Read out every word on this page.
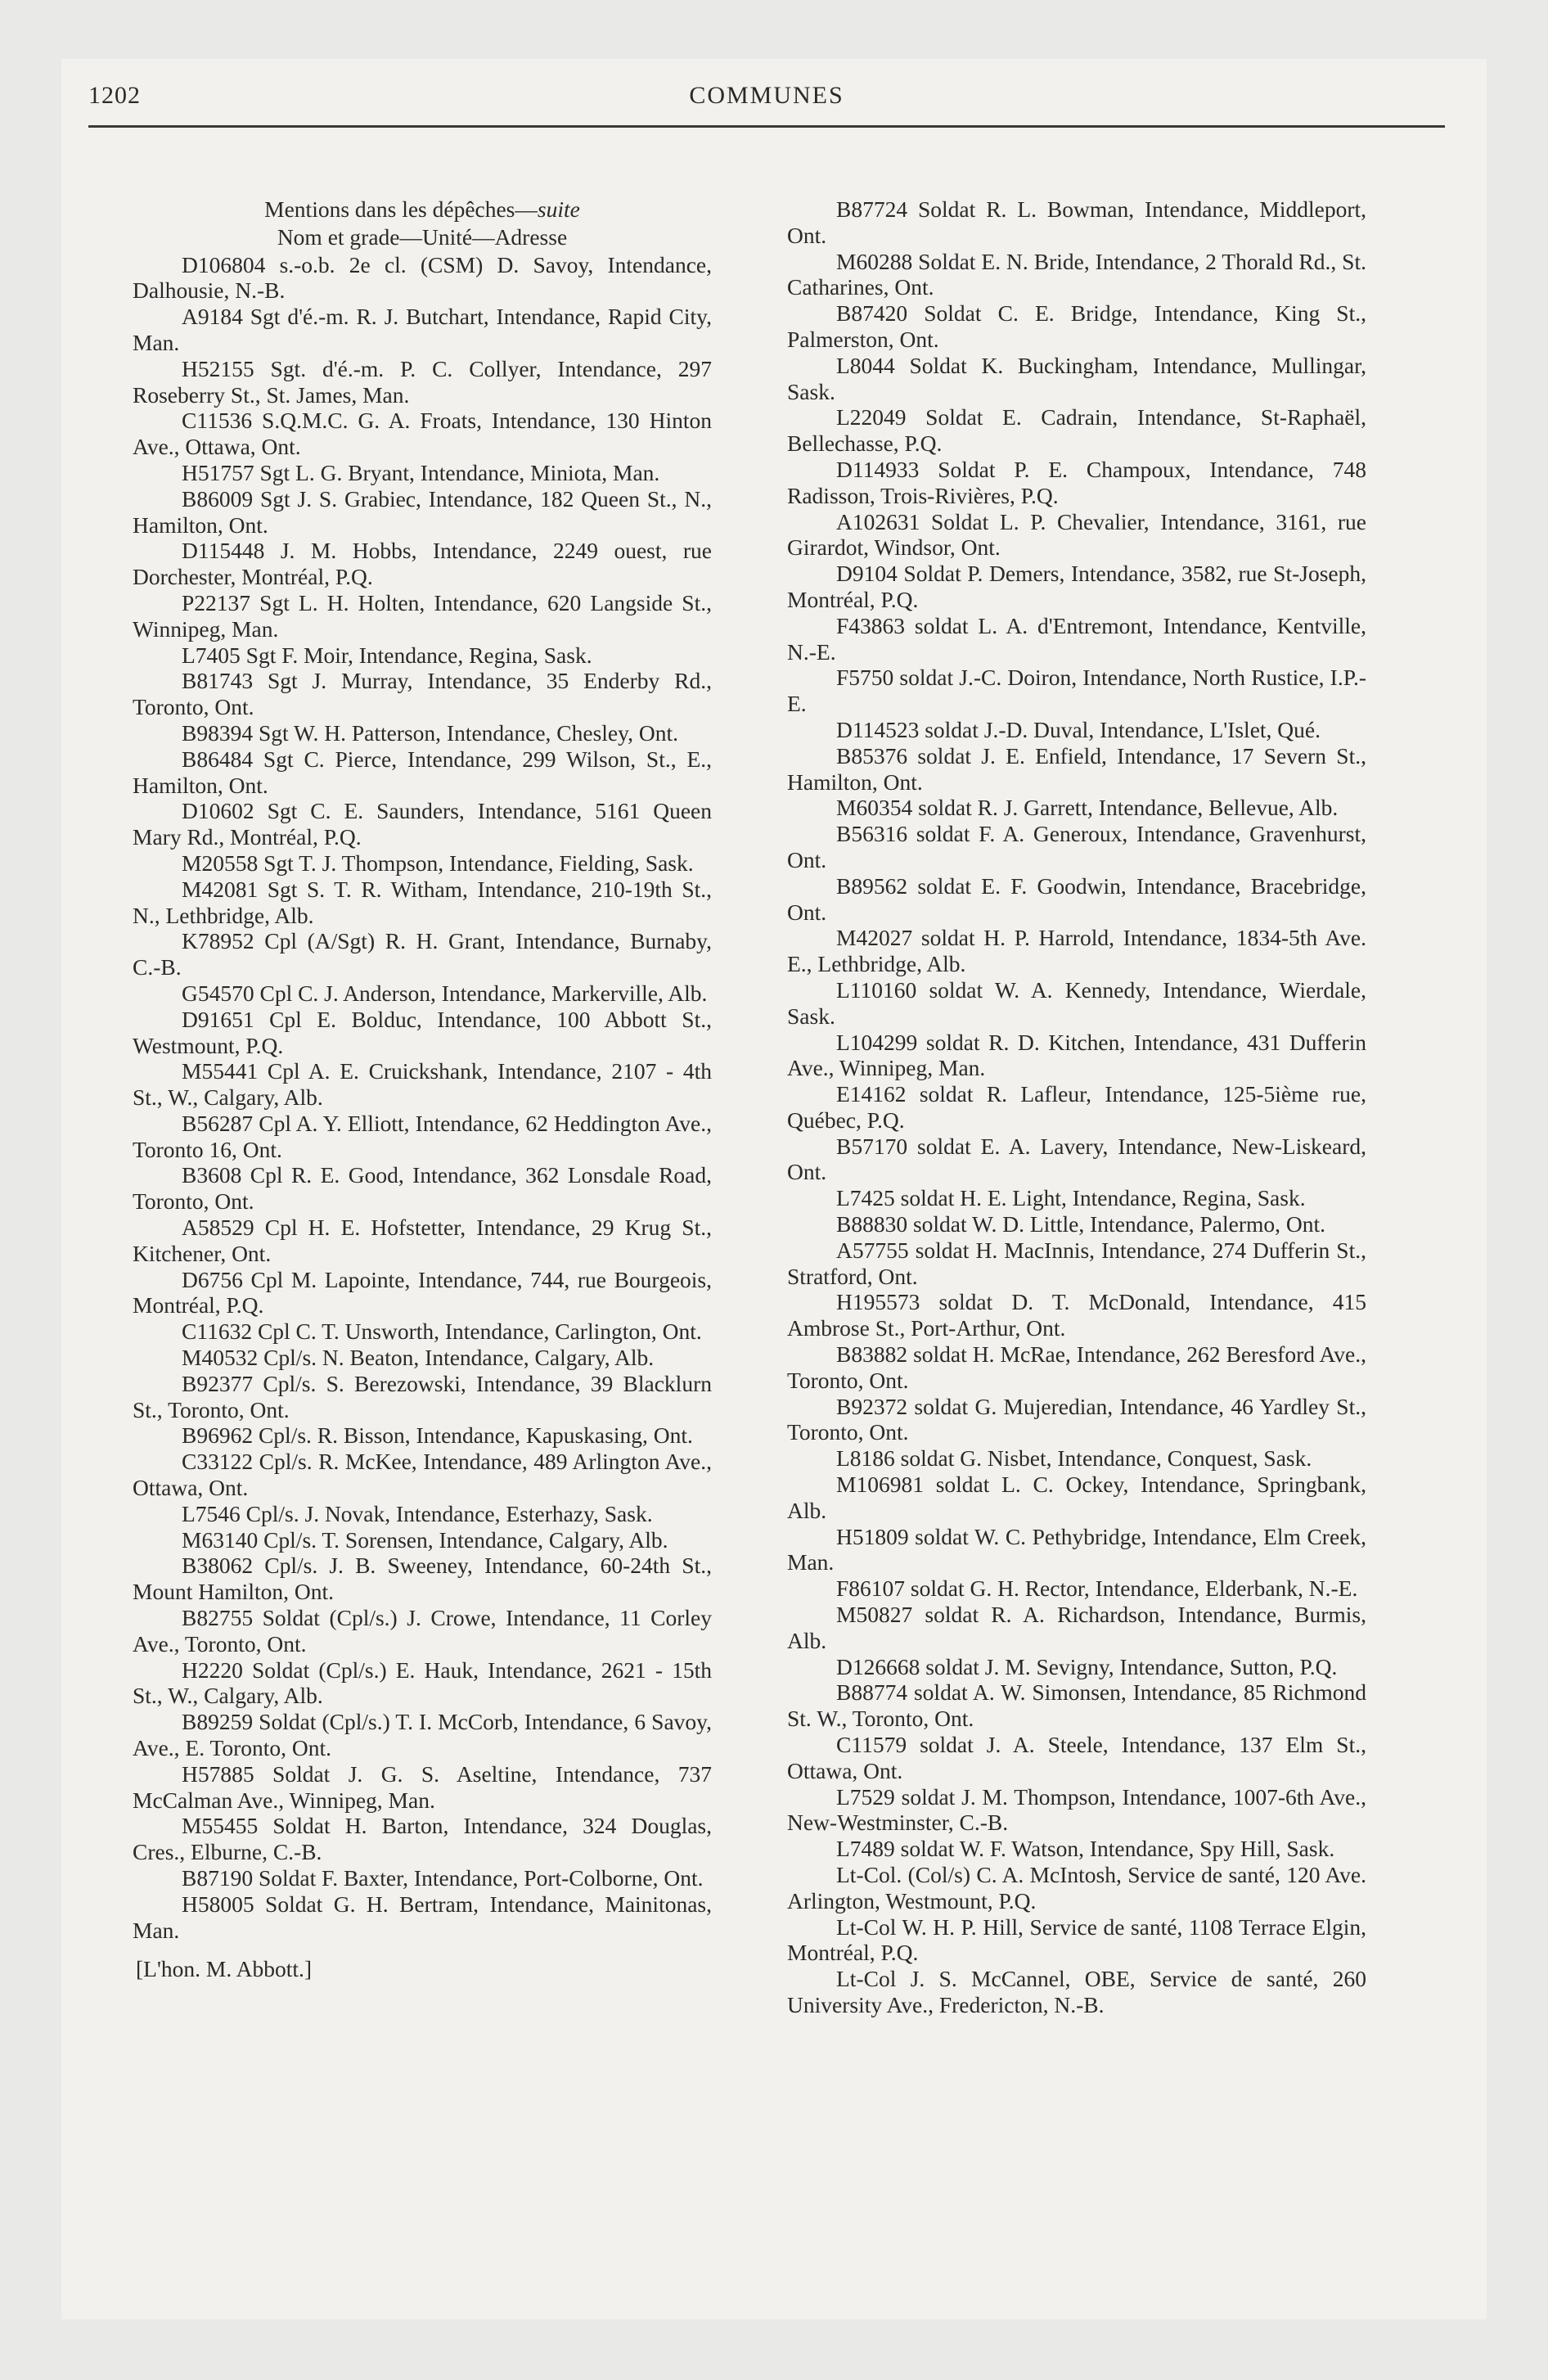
1202	COMMUNES

Mentions dans les dépêches—suite

Nom et grade—Unité—Adresse

D106804 s.-o.b. 2e cl. (CSM) D. Savoy, Intendance, Dalhousie, N.-B.

A9184 Sgt d'é.-m. R. J. Butchart, Intendance, Rapid City, Man.

H52155 Sgt. d'é.-m. P. C. Collyer, Intendance, 297 Roseberry St., St. James, Man.

C11536 S.Q.M.C. G. A. Froats, Intendance, 130 Hinton Ave., Ottawa, Ont.

H51757 Sgt L. G. Bryant, Intendance, Miniota, Man.

B86009 Sgt J. S. Grabiec, Intendance, 182 Queen St., N., Hamilton, Ont.

D115448 J. M. Hobbs, Intendance, 2249 ouest, rue Dorchester, Montréal, P.Q.

P22137 Sgt L. H. Holten, Intendance, 620 Langside St., Winnipeg, Man.

L7405 Sgt F. Moir, Intendance, Regina, Sask.

B81743 Sgt J. Murray, Intendance, 35 Enderby Rd., Toronto, Ont.

B98394 Sgt W. H. Patterson, Intendance, Chesley, Ont.

B86484 Sgt C. Pierce, Intendance, 299 Wilson, St., E., Hamilton, Ont.

D10602 Sgt C. E. Saunders, Intendance, 5161 Queen Mary Rd., Montréal, P.Q.

M20558 Sgt T. J. Thompson, Intendance, Fielding, Sask.

M42081 Sgt S. T. R. Witham, Intendance, 210-19th St., N., Lethbridge, Alb.

K78952 Cpl (A/Sgt) R. H. Grant, Intendance, Burnaby, C.-B.

G54570 Cpl C. J. Anderson, Intendance, Markerville, Alb.

D91651 Cpl E. Bolduc, Intendance, 100 Abbott St., Westmount, P.Q.

M55441 Cpl A. E. Cruickshank, Intendance, 2107 - 4th St., W., Calgary, Alb.

B56287 Cpl A. Y. Elliott, Intendance, 62 Heddington Ave., Toronto 16, Ont.

B3608 Cpl R. E. Good, Intendance, 362 Lonsdale Road, Toronto, Ont.

A58529 Cpl H. E. Hofstetter, Intendance, 29 Krug St., Kitchener, Ont.

D6756 Cpl M. Lapointe, Intendance, 744, rue Bourgeois, Montréal, P.Q.

C11632 Cpl C. T. Unsworth, Intendance, Carlington, Ont.

M40532 Cpl/s. N. Beaton, Intendance, Calgary, Alb.

B92377 Cpl/s. S. Berezowski, Intendance, 39 Blacklurn St., Toronto, Ont.

B96962 Cpl/s. R. Bisson, Intendance, Kapuskasing, Ont.

C33122 Cpl/s. R. McKee, Intendance, 489 Arlington Ave., Ottawa, Ont.

L7546 Cpl/s. J. Novak, Intendance, Esterhazy, Sask.

M63140 Cpl/s. T. Sorensen, Intendance, Calgary, Alb.

B38062 Cpl/s. J. B. Sweeney, Intendance, 60-24th St., Mount Hamilton, Ont.

B82755 Soldat (Cpl/s.) J. Crowe, Intendance, 11 Corley Ave., Toronto, Ont.

H2220 Soldat (Cpl/s.) E. Hauk, Intendance, 2621 - 15th St., W., Calgary, Alb.

B89259 Soldat (Cpl/s.) T. I. McCorb, Intendance, 6 Savoy, Ave., E. Toronto, Ont.

H57885 Soldat J. G. S. Aseltine, Intendance, 737 McCalman Ave., Winnipeg, Man.

M55455 Soldat H. Barton, Intendance, 324 Douglas, Cres., Elburne, C.-B.

B87190 Soldat F. Baxter, Intendance, Port-Colborne, Ont.

H58005 Soldat G. H. Bertram, Intendance, Mainitonas, Man.

[L'hon. M. Abbott.]

B87724 Soldat R. L. Bowman, Intendance, Middleport, Ont.

M60288 Soldat E. N. Bride, Intendance, 2 Thorald Rd., St. Catharines, Ont.

B87420 Soldat C. E. Bridge, Intendance, King St., Palmerston, Ont.

L8044 Soldat K. Buckingham, Intendance, Mullingar, Sask.

L22049 Soldat E. Cadrain, Intendance, St-Raphaël, Bellechasse, P.Q.

D114933 Soldat P. E. Champoux, Intendance, 748 Radisson, Trois-Rivières, P.Q.

A102631 Soldat L. P. Chevalier, Intendance, 3161, rue Girardot, Windsor, Ont.

D9104 Soldat P. Demers, Intendance, 3582, rue St-Joseph, Montréal, P.Q.

F43863 soldat L. A. d'Entremont, Intendance, Kentville, N.-E.

F5750 soldat J.-C. Doiron, Intendance, North Rustice, I.P.-E.

D114523 soldat J.-D. Duval, Intendance, L'Islet, Qué.

B85376 soldat J. E. Enfield, Intendance, 17 Severn St., Hamilton, Ont.

M60354 soldat R. J. Garrett, Intendance, Bellevue, Alb.

B56316 soldat F. A. Generoux, Intendance, Gravenhurst, Ont.

B89562 soldat E. F. Goodwin, Intendance, Bracebridge, Ont.

M42027 soldat H. P. Harrold, Intendance, 1834-5th Ave. E., Lethbridge, Alb.

L110160 soldat W. A. Kennedy, Intendance, Wierdale, Sask.

L104299 soldat R. D. Kitchen, Intendance, 431 Dufferin Ave., Winnipeg, Man.

E14162 soldat R. Lafleur, Intendance, 125-5ième rue, Québec, P.Q.

B57170 soldat E. A. Lavery, Intendance, New-Liskeard, Ont.

L7425 soldat H. E. Light, Intendance, Regina, Sask.

B88830 soldat W. D. Little, Intendance, Palermo, Ont.

A57755 soldat H. MacInnis, Intendance, 274 Dufferin St., Stratford, Ont.

H195573 soldat D. T. McDonald, Intendance, 415 Ambrose St., Port-Arthur, Ont.

B83882 soldat H. McRae, Intendance, 262 Beresford Ave., Toronto, Ont.

B92372 soldat G. Mujeredian, Intendance, 46 Yardley St., Toronto, Ont.

L8186 soldat G. Nisbet, Intendance, Conquest, Sask.

M106981 soldat L. C. Ockey, Intendance, Springbank, Alb.

H51809 soldat W. C. Pethybridge, Intendance, Elm Creek, Man.

F86107 soldat G. H. Rector, Intendance, Elderbank, N.-E.

M50827 soldat R. A. Richardson, Intendance, Burmis, Alb.

D126668 soldat J. M. Sevigny, Intendance, Sutton, P.Q.

B88774 soldat A. W. Simonsen, Intendance, 85 Richmond St. W., Toronto, Ont.

C11579 soldat J. A. Steele, Intendance, 137 Elm St., Ottawa, Ont.

L7529 soldat J. M. Thompson, Intendance, 1007-6th Ave., New-Westminster, C.-B.

L7489 soldat W. F. Watson, Intendance, Spy Hill, Sask.

Lt-Col. (Col/s) C. A. McIntosh, Service de santé, 120 Ave. Arlington, Westmount, P.Q.

Lt-Col W. H. P. Hill, Service de santé, 1108 Terrace Elgin, Montréal, P.Q.

Lt-Col J. S. McCannel, OBE, Service de santé, 260 University Ave., Fredericton, N.-B.
